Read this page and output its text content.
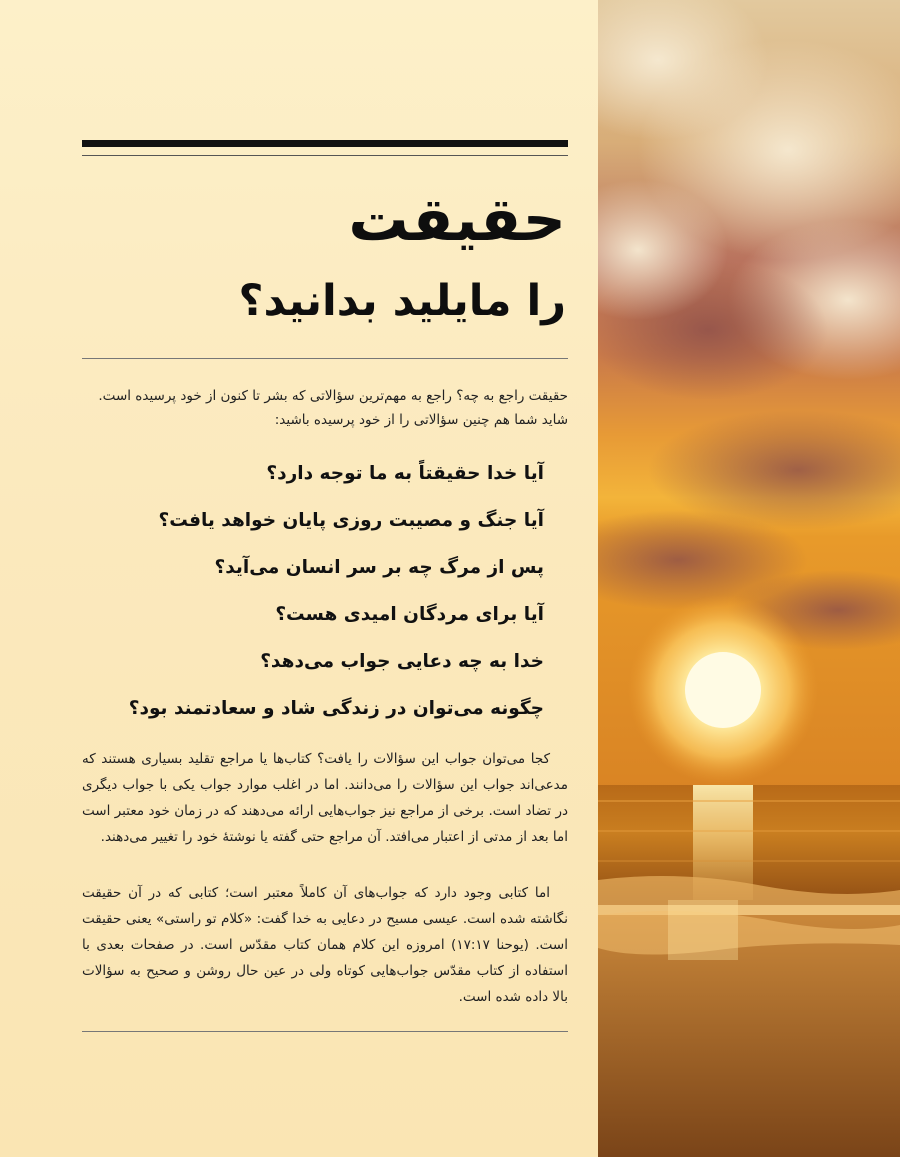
حقیقت
را مایلید بدانید؟

حقیقت راجع به چه؟ راجع به مهم‌ترین سؤالاتی که بشر تا کنون از خود پرسیده است. شاید شما هم چنین سؤالاتی را از خود پرسیده باشید:

آیا خدا حقیقتاً به ما توجه دارد؟
آیا جنگ و مصیبت روزی پایان خواهد یافت؟
پس از مرگ چه بر سر انسان می‌آید؟
آیا برای مردگان امیدی هست؟
خدا به چه دعایی جواب می‌دهد؟
چگونه می‌توان در زندگی شاد و سعادتمند بود؟

کجا می‌توان جواب این سؤالات را یافت؟ کتاب‌ها یا مراجع تقلید بسیاری هستند که مدعی‌اند جواب این سؤالات را می‌دانند. اما در اغلب موارد جواب یکی با جواب دیگری در تضاد است. برخی از مراجع نیز جواب‌هایی ارائه می‌دهند که در زمان خود معتبر است اما بعد از مدتی از اعتبار می‌افتد. آن مراجع حتی گفته یا نوشتهٔ خود را تغییر می‌دهند.

اما کتابی وجود دارد که جواب‌های آن کاملاً معتبر است؛ کتابی که در آن حقیقت نگاشته شده است. عیسی مسیح در دعایی به خدا گفت: «کلام تو راستی» یعنی حقیقت است. (یوحنا ۱۷:۱۷) امروزه این کلام همان کتاب مقدّس است. در صفحات بعدی با استفاده از کتاب مقدّس جواب‌هایی کوتاه ولی در عین حال روشن و صحیح به سؤالات بالا داده شده است.
